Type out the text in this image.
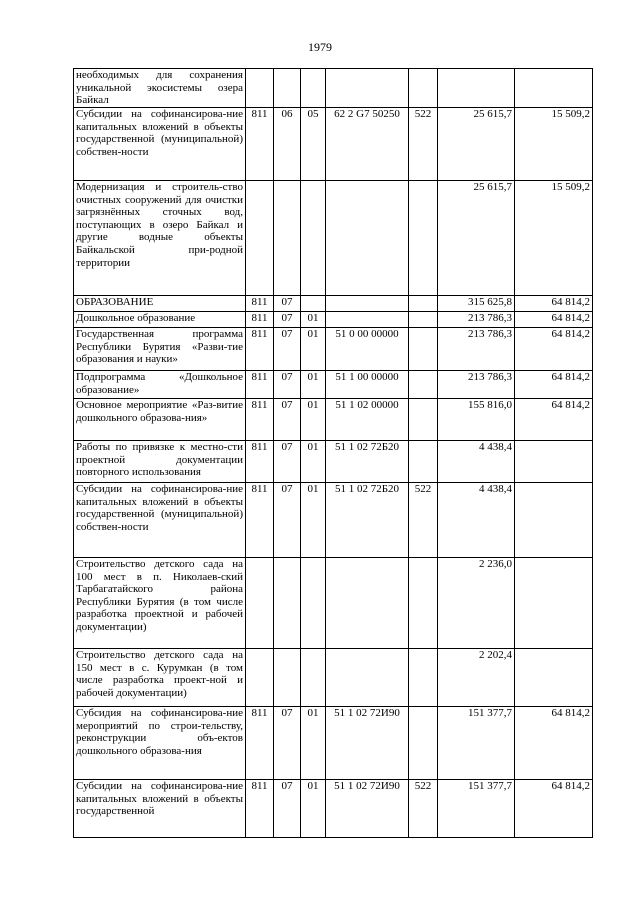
1979
необходимых для сохранения уникальной экосистемы озера Байкал							
Субсидии на софинансирова-ние капитальных вложений в объекты государственной (муниципальной) собствен-ности	811	06	05	62 2 G7 50250	522	25 615,7	15 509,2
Модернизация и строитель-ство очистных сооружений для очистки загрязнённых сточных вод, поступающих в озеро Байкал и другие водные объекты Байкальской при-родной территории						25 615,7	15 509,2
ОБРАЗОВАНИЕ	811	07				315 625,8	64 814,2
Дошкольное образование	811	07	01			213 786,3	64 814,2
Государственная программа Республики Бурятия «Разви-тие образования и науки»	811	07	01	51 0 00 00000		213 786,3	64 814,2
Подпрограмма «Дошкольное образование»	811	07	01	51 1 00 00000		213 786,3	64 814,2
Основное мероприятие «Раз-витие дошкольного образова-ния»	811	07	01	51 1 02 00000		155 816,0	64 814,2
Работы по привязке к местно-сти проектной документации повторного использования	811	07	01	51 1 02 72Б20		4 438,4	
Субсидии на софинансирова-ние капитальных вложений в объекты государственной (муниципальной) собствен-ности	811	07	01	51 1 02 72Б20	522	4 438,4	
Строительство детского сада на 100 мест в п. Николаев-ский Тарбагатайского района Республики Бурятия (в том числе разработка проектной и рабочей документации)						2 236,0	
Строительство детского сада на 150 мест в с. Курумкан (в том числе разработка проект-ной и рабочей документации)						2 202,4	
Субсидия на софинансирова-ние мероприятий по строи-тельству, реконструкции объ-ектов дошкольного образова-ния	811	07	01	51 1 02 72И90		151 377,7	64 814,2
Субсидии на софинансирова-ние капитальных вложений в объекты государственной	811	07	01	51 1 02 72И90	522	151 377,7	64 814,2
